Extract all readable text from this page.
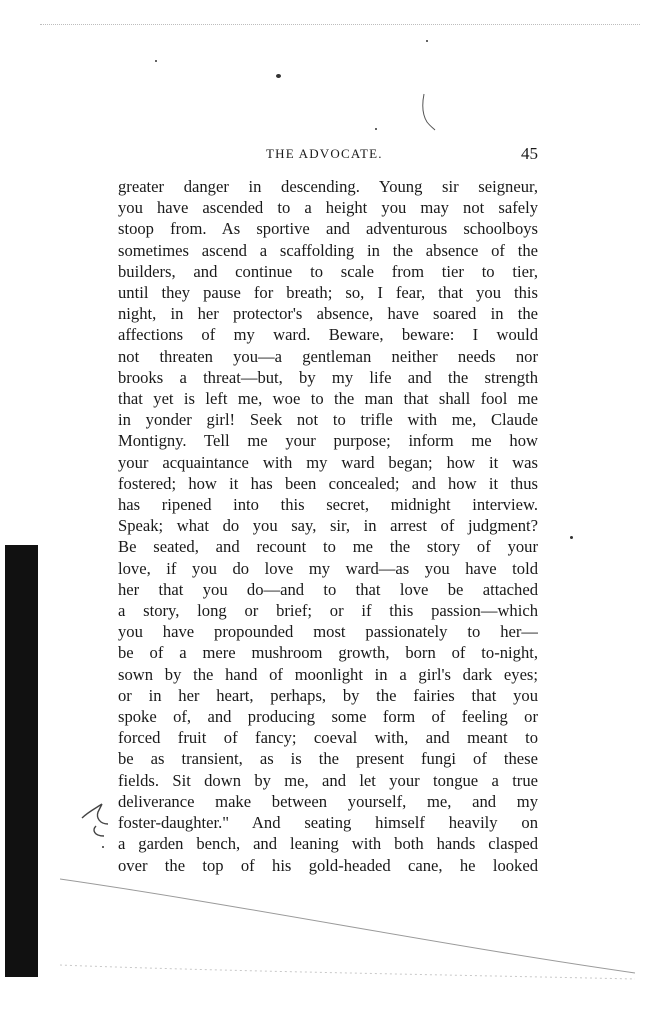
THE ADVOCATE.	45
greater danger in descending. Young sir seigneur,
you have ascended to a height you may not safely
stoop from. As sportive and adventurous schoolboys
sometimes ascend a scaffolding in the absence of the
builders, and continue to scale from tier to tier,
until they pause for breath; so, I fear, that you this
night, in her protector's absence, have soared in the
affections of my ward. Beware, beware: I would
not threaten you—a gentleman neither needs nor
brooks a threat—but, by my life and the strength
that yet is left me, woe to the man that shall fool me
in yonder girl! Seek not to trifle with me, Claude
Montigny. Tell me your purpose; inform me how
your acquaintance with my ward began; how it was
fostered; how it has been concealed; and how it thus
has ripened into this secret, midnight interview.
Speak; what do you say, sir, in arrest of judgment?
Be seated, and recount to me the story of your
love, if you do love my ward—as you have told
her that you do—and to that love be attached
a story, long or brief; or if this passion—which
you have propounded most passionately to her—
be of a mere mushroom growth, born of to-night,
sown by the hand of moonlight in a girl's dark eyes;
or in her heart, perhaps, by the fairies that you
spoke of, and producing some form of feeling or
forced fruit of fancy; coeval with, and meant to
be as transient, as is the present fungi of these
fields. Sit down by me, and let your tongue a true
deliverance make between yourself, me, and my
foster-daughter." And seating himself heavily on
a garden bench, and leaning with both hands clasped
over the top of his gold-headed cane, he looked
